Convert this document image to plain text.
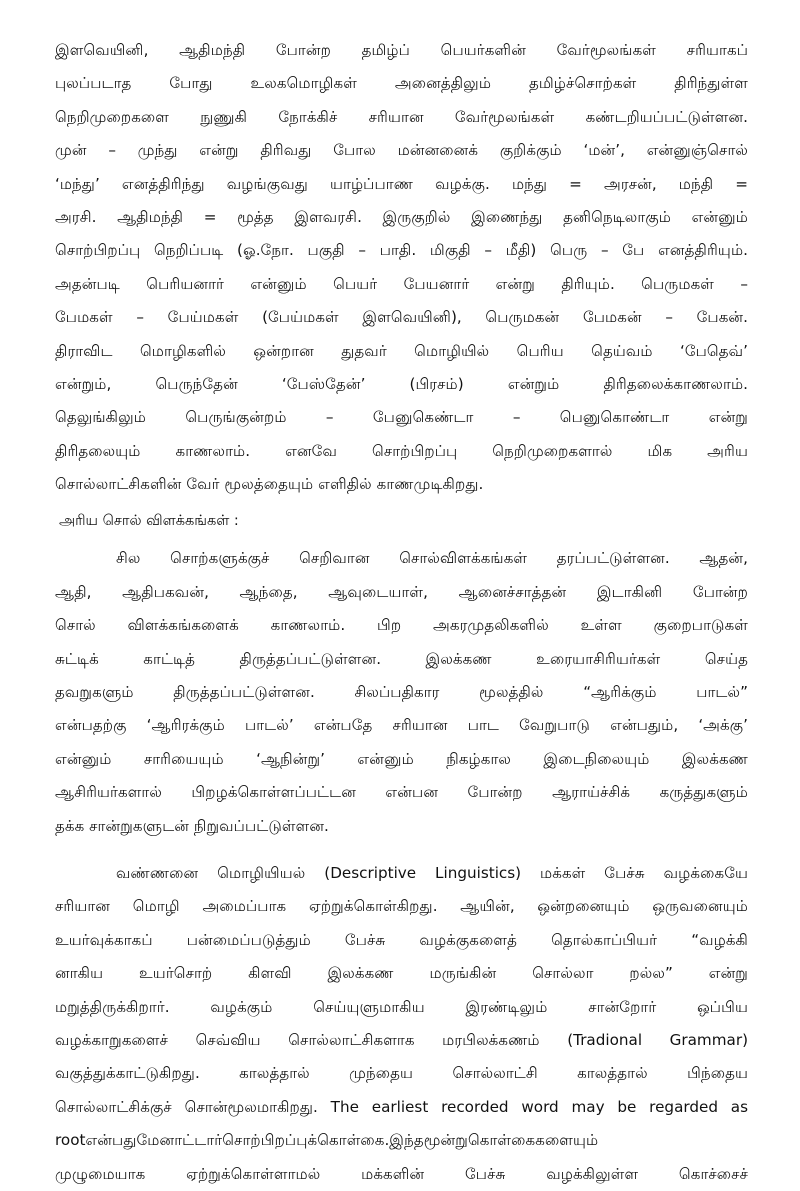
இளவெயினி, ஆதிமந்தி போன்ற தமிழ்ப் பெயர்களின் வேர்மூலங்கள் சரியாகப்
புலப்படாத போது உலகமொழிகள் அனைத்திலும் தமிழ்ச்சொற்கள் திரிந்துள்ள
நெறிமுறைகளை நுணுகி நோக்கிச் சரியான வேர்மூலங்கள் கண்டறியப்பட்டுள்ளன.
முன் – முந்து என்று திரிவது போல மன்னனைக் குறிக்கும் ‘மன்’, என்னுஞ்சொல்
‘மந்து’ எனத்திரிந்து வழங்குவது யாழ்ப்பாண வழக்கு. மந்து = அரசன், மந்தி =
அரசி. ஆதிமந்தி = மூத்த இளவரசி. இருகுறில் இணைந்து தனிநெடிலாகும் என்னும்
சொற்பிறப்பு நெறிப்படி (ஓ.நோ. பகுதி – பாதி. மிகுதி – மீதி) பெரு – பே எனத்திரியும்.
அதன்படி பெரியனார் என்னும் பெயர் பேயனார் என்று திரியும். பெருமகள் –
பேமகள் – பேய்மகள் (பேய்மகள் இளவெயினி), பெருமகன் பேமகன் – பேகன்.
திராவிட மொழிகளில் ஒன்றான துதவர் மொழியில் பெரிய தெய்வம் ‘பேதெவ்’
என்றும், பெருந்தேன் ‘பேஸ்தேன்’ (பிரசம்) என்றும் திரிதலைக்காணலாம்.
தெலுங்கிலும் பெருங்குன்றம் – பேனுகெண்டா – பெனுகொண்டா என்று
திரிதலையும் காணலாம். எனவே சொற்பிறப்பு நெறிமுறைகளால் மிக அரிய
சொல்லாட்சிகளின் வேர் மூலத்தையும் எளிதில் காணமுடிகிறது.
அரிய சொல் விளக்கங்கள் :
சில சொற்களுக்குச் செறிவான சொல்விளக்கங்கள் தரப்பட்டுள்ளன. ஆதன்,
ஆதி, ஆதிபகவன், ஆந்தை, ஆவுடையாள், ஆனைச்சாத்தன் இடாகினி போன்ற
சொல் விளக்கங்களைக் காணலாம். பிற அகரமுதலிகளில் உள்ள குறைபாடுகள்
சுட்டிக் காட்டித் திருத்தப்பட்டுள்ளன. இலக்கண உரையாசிரியர்கள் செய்த
தவறுகளும் திருத்தப்பட்டுள்ளன. சிலப்பதிகார மூலத்தில் “ஆரிக்கும் பாடல்”
என்பதற்கு ‘ஆரிரக்கும் பாடல்’ என்பதே சரியான பாட வேறுபாடு என்பதும், ‘அக்கு’
என்னும் சாரியையும் ‘ஆநின்று’ என்னும் நிகழ்கால இடைநிலையும் இலக்கண
ஆசிரியர்களால் பிறழக்கொள்ளப்பட்டன என்பன போன்ற ஆராய்ச்சிக் கருத்துகளும்
தக்க சான்றுகளுடன் நிறுவப்பட்டுள்ளன.
வண்ணனை மொழியியல் (Descriptive Linguistics) மக்கள் பேச்சு வழக்கையே
சரியான மொழி அமைப்பாக ஏற்றுக்கொள்கிறது. ஆயின், ஒன்றனையும் ஒருவனையும்
உயர்வுக்காகப் பன்மைப்படுத்தும் பேச்சு வழக்குகளைத் தொல்காப்பியர் “வழக்கி
னாகிய உயர்சொற் கிளவி இலக்கண மருங்கின் சொல்லா றல்ல” என்று
மறுத்திருக்கிறார். வழக்கும் செய்யுளுமாகிய இரண்டிலும் சான்றோர் ஒப்பிய
வழக்காறுகளைச் செவ்விய சொல்லாட்சிகளாக மரபிலக்கணம் (Tradional Grammar)
வகுத்துக்காட்டுகிறது. காலத்தால் முந்தைய சொல்லாட்சி காலத்தால் பிந்தைய
சொல்லாட்சிக்குச் சொன்மூலமாகிறது. The earliest recorded word may be regarded as
rootஎன்பதுமேனாட்டார்சொற்பிறப்புக்கொள்கை.இந்தமூன்றுகொள்கைகளையும்
முழுமையாக ஏற்றுக்கொள்ளாமல் மக்களின் பேச்சு வழக்கிலுள்ள கொச்சைச்
